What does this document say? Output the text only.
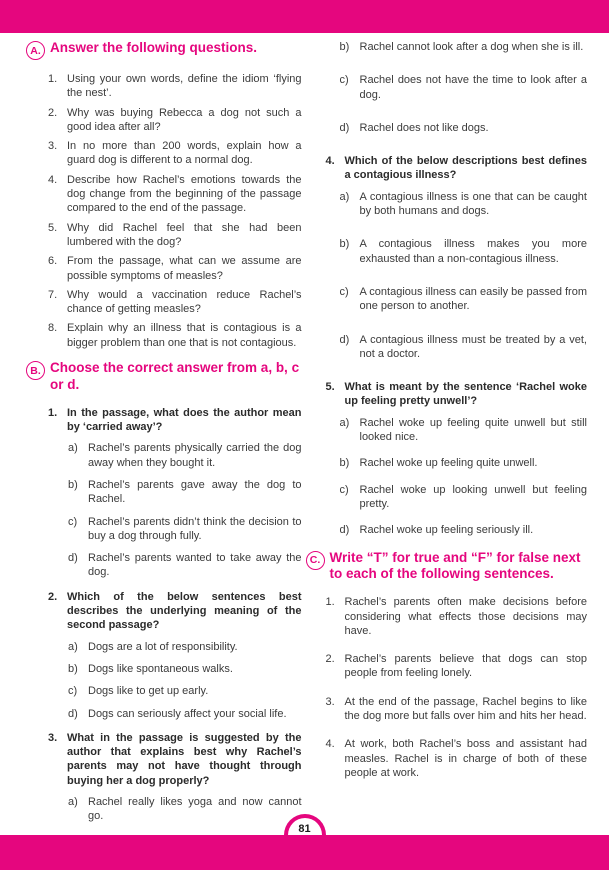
A. Answer the following questions.
1. Using your own words, define the idiom ‘flying the nest’.
2. Why was buying Rebecca a dog not such a good idea after all?
3. In no more than 200 words, explain how a guard dog is different to a normal dog.
4. Describe how Rachel’s emotions towards the dog change from the beginning of the passage compared to the end of the passage.
5. Why did Rachel feel that she had been lumbered with the dog?
6. From the passage, what can we assume are possible symptoms of measles?
7. Why would a vaccination reduce Rachel’s chance of getting measles?
8. Explain why an illness that is contagious is a bigger problem than one that is not contagious.
B. Choose the correct answer from a, b, c or d.
1. In the passage, what does the author mean by ‘carried away’?
a) Rachel’s parents physically carried the dog away when they bought it.
b) Rachel’s parents gave away the dog to Rachel.
c) Rachel’s parents didn’t think the decision to buy a dog through fully.
d) Rachel’s parents wanted to take away the dog.
2. Which of the below sentences best describes the underlying meaning of the second passage?
a) Dogs are a lot of responsibility.
b) Dogs like spontaneous walks.
c) Dogs like to get up early.
d) Dogs can seriously affect your social life.
3. What in the passage is suggested by the author that explains best why Rachel’s parents may not have thought through buying her a dog properly?
a) Rachel really likes yoga and now cannot go.
b) Rachel cannot look after a dog when she is ill.
c) Rachel does not have the time to look after a dog.
d) Rachel does not like dogs.
4. Which of the below descriptions best defines a contagious illness?
a) A contagious illness is one that can be caught by both humans and dogs.
b) A contagious illness makes you more exhausted than a non-contagious illness.
c) A contagious illness can easily be passed from one person to another.
d) A contagious illness must be treated by a vet, not a doctor.
5. What is meant by the sentence ‘Rachel woke up feeling pretty unwell’?
a) Rachel woke up feeling quite unwell but still looked nice.
b) Rachel woke up feeling quite unwell.
c) Rachel woke up looking unwell but feeling pretty.
d) Rachel woke up feeling seriously ill.
C. Write “T” for true and “F” for false next to each of the following sentences.
1. Rachel’s parents often make decisions before considering what effects those decisions may have.
2. Rachel’s parents believe that dogs can stop people from feeling lonely.
3. At the end of the passage, Rachel begins to like the dog more but falls over him and hits her head.
4. At work, both Rachel’s boss and assistant had measles. Rachel is in charge of both of these people at work.
81
